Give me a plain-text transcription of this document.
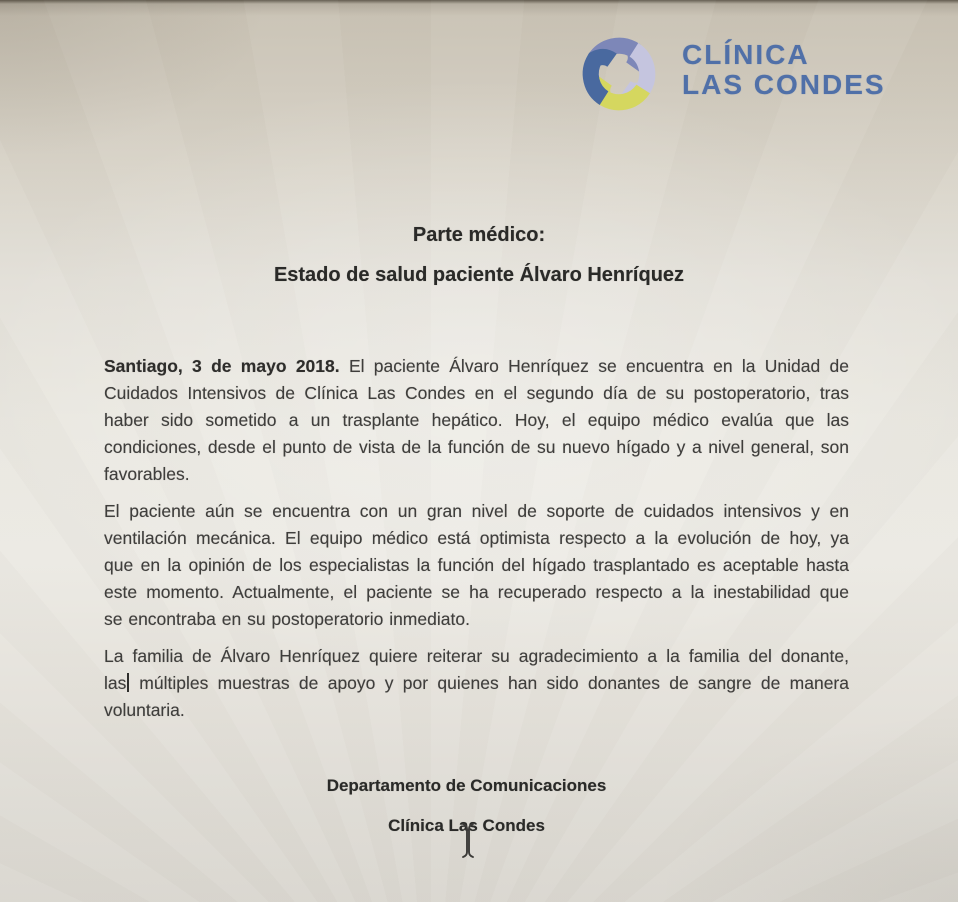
CLÍNICA
LAS CONDES
Parte médico:
Estado de salud paciente Álvaro Henríquez
Santiago, 3 de mayo 2018. El paciente Álvaro Henríquez se encuentra en la Unidad de
Cuidados Intensivos de Clínica Las Condes en el segundo día de su postoperatorio, tras
haber sido sometido a un trasplante hepático. Hoy, el equipo médico evalúa que las
condiciones, desde el punto de vista de la función de su nuevo hígado y a nivel general, son
favorables.
El paciente aún se encuentra con un gran nivel de soporte de cuidados intensivos y en
ventilación mecánica. El equipo médico está optimista respecto a la evolución de hoy, ya
que en la opinión de los especialistas la función del hígado trasplantado es aceptable hasta
este momento. Actualmente, el paciente se ha recuperado respecto a la inestabilidad que
se encontraba en su postoperatorio inmediato.
La familia de Álvaro Henríquez quiere reiterar su agradecimiento a la familia del donante,
las múltiples muestras de apoyo y por quienes han sido donantes de sangre de manera
voluntaria.
Departamento de Comunicaciones
Clínica Las Condes
